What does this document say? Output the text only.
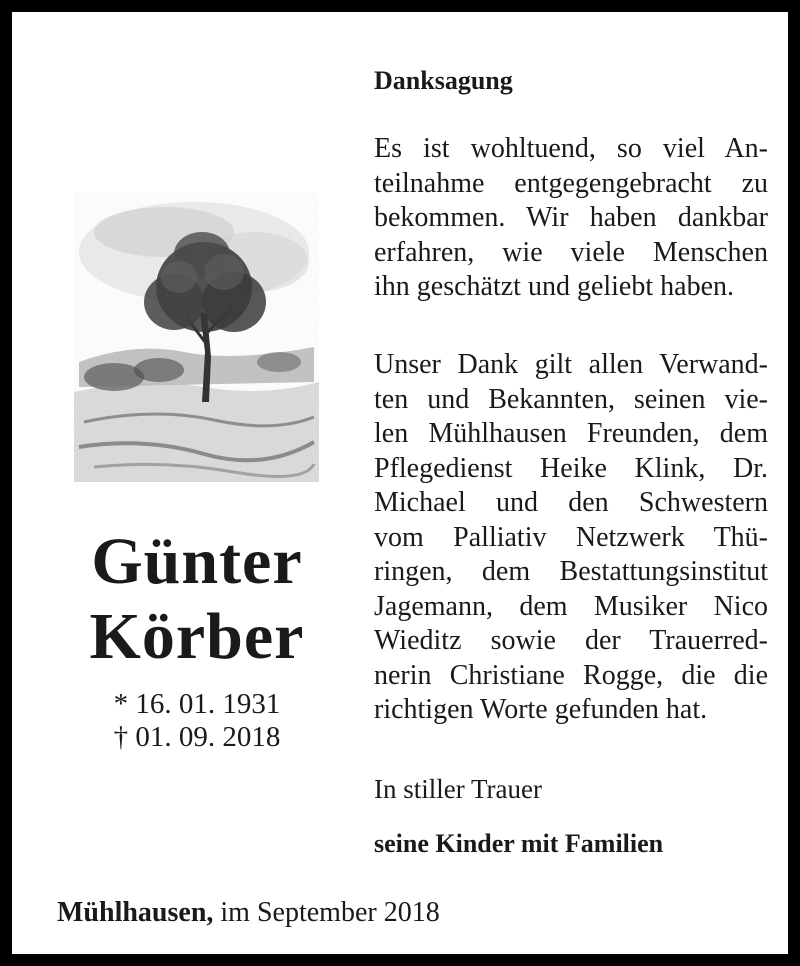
Günter
Körber
* 16. 01. 1931
† 01. 09. 2018
Danksagung
Es ist wohltuend, so viel An-
teilnahme entgegengebracht zu
bekommen. Wir haben dankbar
erfahren, wie viele Menschen
ihn geschätzt und geliebt haben.
Unser Dank gilt allen Verwand-
ten und Bekannten, seinen vie-
len Mühlhausen Freunden, dem
Pflegedienst Heike Klink, Dr.
Michael und den Schwestern
vom Palliativ Netzwerk Thü-
ringen, dem Bestattungsinstitut
Jagemann, dem Musiker Nico
Wieditz sowie der Trauerred-
nerin Christiane Rogge, die die
richtigen Worte gefunden hat.
In stiller Trauer
seine Kinder mit Familien
Mühlhausen, im September 2018
